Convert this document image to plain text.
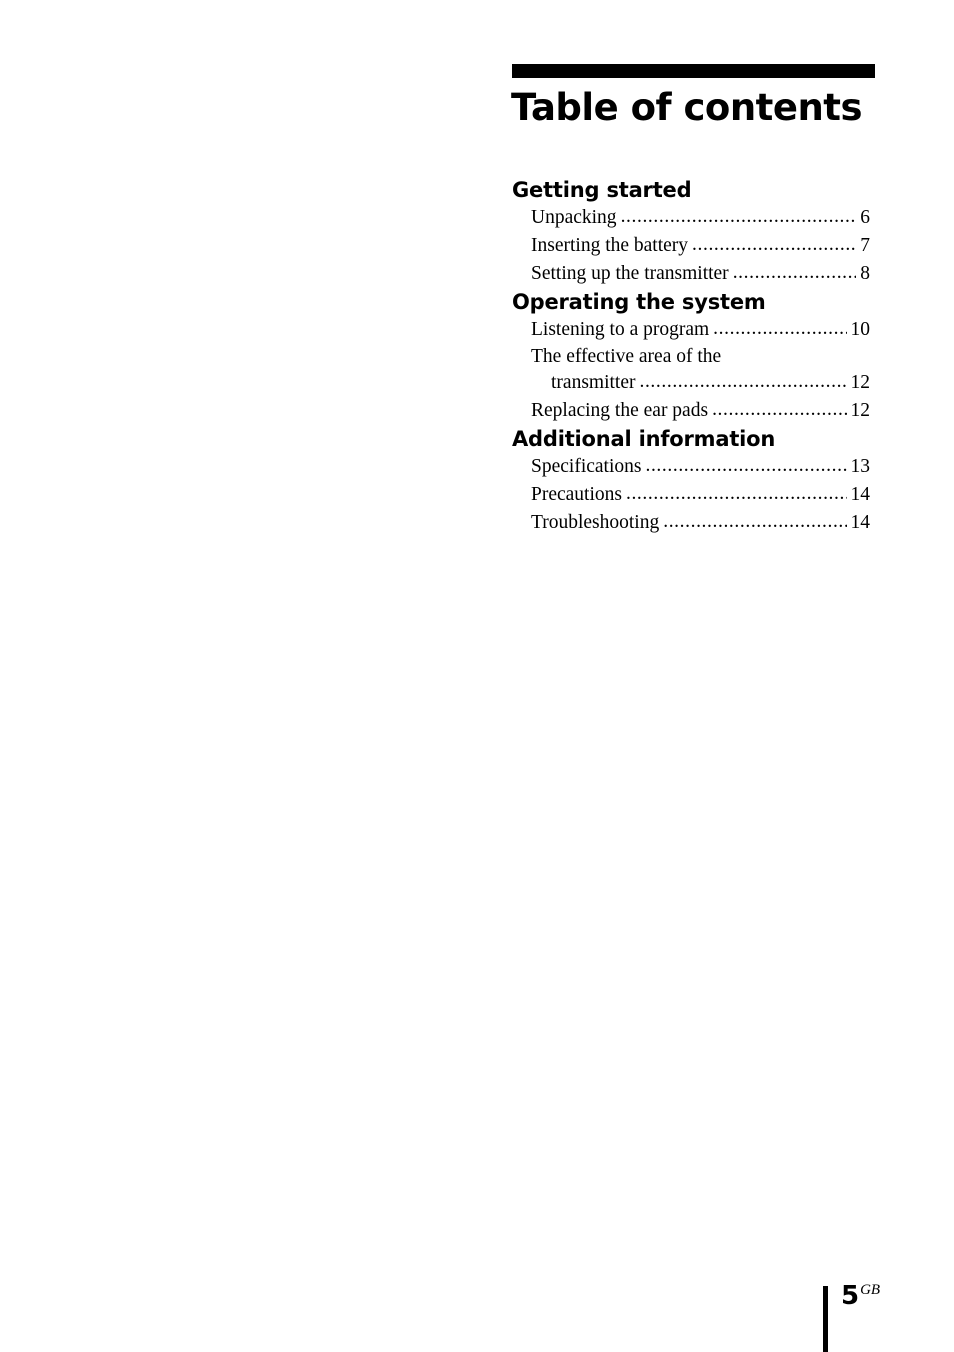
Table of contents
Getting started
Unpacking .....	6
Inserting the battery .....	7
Setting up the transmitter .....	8
Operating the system
Listening to a program .....	10
The effective area of the
transmitter .....	12
Replacing the ear pads .....	12
Additional information
Specifications .....	13
Precautions .....	14
Troubleshooting .....	14
5GB
